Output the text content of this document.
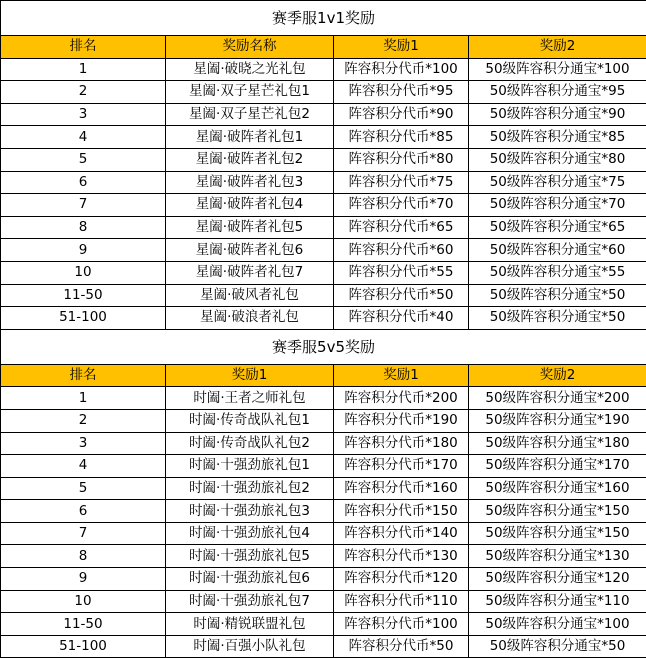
赛季服1v1奖励			
排名	奖励名称	奖励1	奖励2
1	星阖·破晓之光礼包	阵容积分代币*100	50级阵容积分通宝*100
2	星阖·双子星芒礼包1	阵容积分代币*95	50级阵容积分通宝*95
3	星阖·双子星芒礼包2	阵容积分代币*90	50级阵容积分通宝*90
4	星阖·破阵者礼包1	阵容积分代币*85	50级阵容积分通宝*85
5	星阖·破阵者礼包2	阵容积分代币*80	50级阵容积分通宝*80
6	星阖·破阵者礼包3	阵容积分代币*75	50级阵容积分通宝*75
7	星阖·破阵者礼包4	阵容积分代币*70	50级阵容积分通宝*70
8	星阖·破阵者礼包5	阵容积分代币*65	50级阵容积分通宝*65
9	星阖·破阵者礼包6	阵容积分代币*60	50级阵容积分通宝*60
10	星阖·破阵者礼包7	阵容积分代币*55	50级阵容积分通宝*55
11-50	星阖·破风者礼包	阵容积分代币*50	50级阵容积分通宝*50
51-100	星阖·破浪者礼包	阵容积分代币*40	50级阵容积分通宝*50
赛季服5v5奖励			
排名	奖励1	奖励1	奖励2
1	时阖·王者之师礼包	阵容积分代币*200	50级阵容积分通宝*200
2	时阖·传奇战队礼包1	阵容积分代币*190	50级阵容积分通宝*190
3	时阖·传奇战队礼包2	阵容积分代币*180	50级阵容积分通宝*180
4	时阖·十强劲旅礼包1	阵容积分代币*170	50级阵容积分通宝*170
5	时阖·十强劲旅礼包2	阵容积分代币*160	50级阵容积分通宝*160
6	时阖·十强劲旅礼包3	阵容积分代币*150	50级阵容积分通宝*150
7	时阖·十强劲旅礼包4	阵容积分代币*140	50级阵容积分通宝*150
8	时阖·十强劲旅礼包5	阵容积分代币*130	50级阵容积分通宝*130
9	时阖·十强劲旅礼包6	阵容积分代币*120	50级阵容积分通宝*120
10	时阖·十强劲旅礼包7	阵容积分代币*110	50级阵容积分通宝*110
11-50	时阖·精锐联盟礼包	阵容积分代币*100	50级阵容积分通宝*100
51-100	时阖·百强小队礼包	阵容积分代币*50	50级阵容积分通宝*50
